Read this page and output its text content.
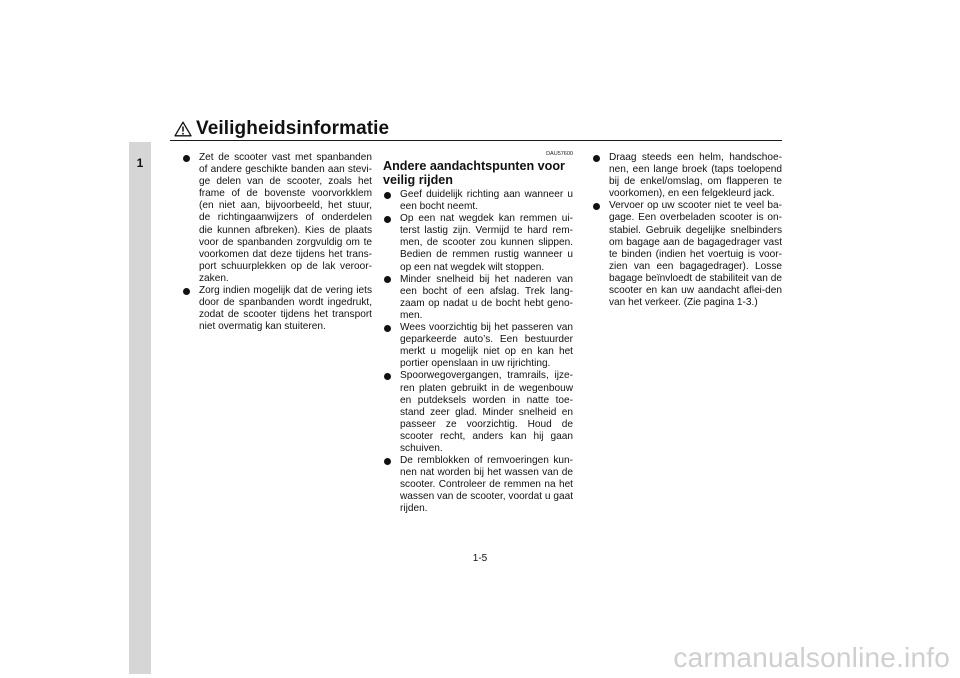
Veiligheidsinformatie
1	Zet de scooter vast met spanbanden of andere geschikte banden aan stevi-ge delen van de scooter, zoals het frame of de bovenste voorvorkklem (en niet aan, bijvoorbeeld, het stuur, de richtingaanwijzers of onderdelen die kunnen afbreken). Kies de plaats voor de spanbanden zorgvuldig om te voorkomen dat deze tijdens het trans-port schuurplekken op de lak veroor-zaken.
Zorg indien mogelijk dat de vering iets door de spanbanden wordt ingedrukt, zodat de scooter tijdens het transport niet overmatig kan stuiteren.
DAU57600
Andere aandachtspunten voor veilig rijden
Geef duidelijk richting aan wanneer u een bocht neemt.
Op een nat wegdek kan remmen ui-terst lastig zijn. Vermijd te hard rem-men, de scooter zou kunnen slippen. Bedien de remmen rustig wanneer u op een nat wegdek wilt stoppen.
Minder snelheid bij het naderen van een bocht of een afslag. Trek lang-zaam op nadat u de bocht hebt geno-men.
Wees voorzichtig bij het passeren van geparkeerde auto’s. Een bestuurder merkt u mogelijk niet op en kan het portier openslaan in uw rijrichting.
Spoorwegovergangen, tramrails, ijze-ren platen gebruikt in de wegenbouw en putdeksels worden in natte toe-stand zeer glad. Minder snelheid en passeer ze voorzichtig. Houd de scooter recht, anders kan hij gaan schuiven.
De remblokken of remvoeringen kun-nen nat worden bij het wassen van de scooter. Controleer de remmen na het wassen van de scooter, voordat u gaat rijden.
Draag steeds een helm, handschoe-nen, een lange broek (taps toelopend bij de enkel/omslag, om flapperen te voorkomen), en een felgekleurd jack.
Vervoer op uw scooter niet te veel ba-gage. Een overbeladen scooter is on-stabiel. Gebruik degelijke snelbinders om bagage aan de bagagedrager vast te binden (indien het voertuig is voor-zien van een bagagedrager). Losse bagage beïnvloedt de stabiliteit van de scooter en kan uw aandacht aflei-den van het verkeer. (Zie pagina 1-3.)
1-5
carmanualsonline.info
